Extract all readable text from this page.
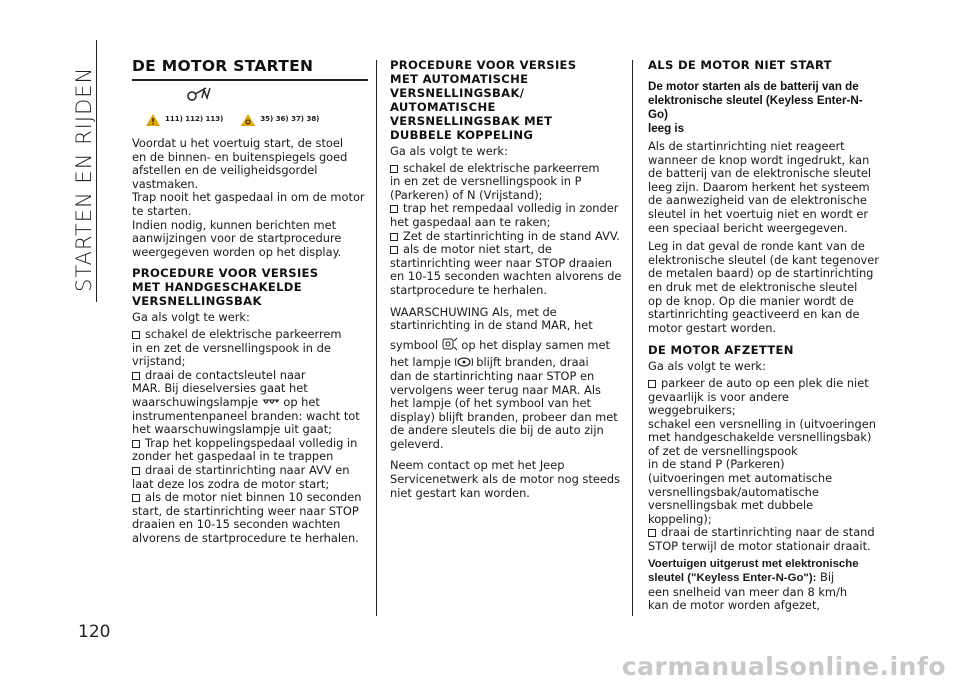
STARTEN EN RIJDEN
120
DE MOTOR STARTEN
111) 112) 113)	35) 36) 37) 38)
Voordat u het voertuig start, de stoel
en de binnen- en buitenspiegels goed
afstellen en de veiligheidsgordel
vastmaken.
Trap nooit het gaspedaal in om de motor
te starten.
Indien nodig, kunnen berichten met
aanwijzingen voor de startprocedure
weergegeven worden op het display.
PROCEDURE VOOR VERSIES
MET HANDGESCHAKELDE
VERSNELLINGSBAK

Ga als volgt te werk:

schakel de elektrische parkeerrem
in en zet de versnellingspook in de
vrijstand;
draai de contactsleutel naar
MAR. Bij dieselversies gaat het
waarschuwingslampje op het
instrumentenpaneel branden: wacht tot
het waarschuwingslampje uit gaat;
Trap het koppelingspedaal volledig in
zonder het gaspedaal in te trappen
draai de startinrichting naar AVV en
laat deze los zodra de motor start;
als de motor niet binnen 10 seconden
start, de startinrichting weer naar STOP
draaien en 10-15 seconden wachten
alvorens de startprocedure te herhalen.
PROCEDURE VOOR VERSIES
MET AUTOMATISCHE
VERSNELLINGSBAK/
AUTOMATISCHE
VERSNELLINGSBAK MET
DUBBELE KOPPELING

Ga als volgt te werk:

schakel de elektrische parkeerrem
in en zet de versnellingspook in P
(Parkeren) of N (Vrijstand);
trap het rempedaal volledig in zonder
het gaspedaal aan te raken;
Zet de startinrichting in de stand AVV.
als de motor niet start, de
startinrichting weer naar STOP draaien
en 10-15 seconden wachten alvorens de
startprocedure te herhalen.
WAARSCHUWING Als, met de
startinrichting in de stand MAR, het
symbool op het display samen met
het lampje blijft branden, draai
dan de startinrichting naar STOP en
vervolgens weer terug naar MAR. Als
het lampje (of het symbool van het
display) blijft branden, probeer dan met
de andere sleutels die bij de auto zijn
geleverd.
Neem contact op met het Jeep
Servicenetwerk als de motor nog steeds
niet gestart kan worden.
ALS DE MOTOR NIET START
De motor starten als de batterij van de
elektronische sleutel (Keyless Enter-N-Go)
leeg is
Als de startinrichting niet reageert
wanneer de knop wordt ingedrukt, kan
de batterij van de elektronische sleutel
leeg zijn. Daarom herkent het systeem
de aanwezigheid van de elektronische
sleutel in het voertuig niet en wordt er
een speciaal bericht weergegeven.
Leg in dat geval de ronde kant van de
elektronische sleutel (de kant tegenover
de metalen baard) op de startinrichting
en druk met de elektronische sleutel
op de knop. Op die manier wordt de
startinrichting geactiveerd en kan de
motor gestart worden.
DE MOTOR AFZETTEN

Ga als volgt te werk:

parkeer de auto op een plek die niet
gevaarlijk is voor andere weggebruikers;
schakel een versnelling in (uitvoeringen
met handgeschakelde versnellingsbak)
of zet de versnellingspook
in de stand P (Parkeren)
(uitvoeringen met automatische
versnellingsbak/automatische
versnellingsbak met dubbele koppeling);
draai de startinrichting naar de stand
STOP terwijl de motor stationair draait.
Voertuigen uitgerust met elektronische
sleutel ("Keyless Enter-N-Go"): Bij
een snelheid van meer dan 8 km/h
kan de motor worden afgezet,
carmanualsonline.info
